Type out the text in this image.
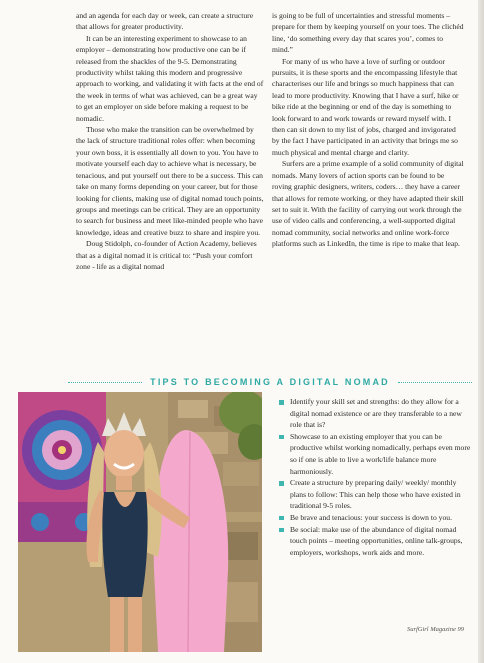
and an agenda for each day or week, can create a structure that allows for greater productivity.

It can be an interesting experiment to showcase to an employer – demonstrating how productive one can be if released from the shackles of the 9-5. Demonstrating productivity whilst taking this modern and progressive approach to working, and validating it with facts at the end of the week in terms of what was achieved, can be a great way to get an employer on side before making a request to be nomadic.

Those who make the transition can be overwhelmed by the lack of structure traditional roles offer: when becoming your own boss, it is essentially all down to you. You have to motivate yourself each day to achieve what is necessary, be tenacious, and put yourself out there to be a success. This can take on many forms depending on your career, but for those looking for clients, making use of digital nomad touch points, groups and meetings can be critical. They are an opportunity to search for business and meet like-minded people who have knowledge, ideas and creative buzz to share and inspire you.

Doug Stidolph, co-founder of Action Academy, believes that as a digital nomad it is critical to: “Push your comfort zone - life as a digital nomad

is going to be full of uncertainties and stressful moments – prepare for them by keeping yourself on your toes. The clichéd line, ‘do something every day that scares you’, comes to mind.”

For many of us who have a love of surfing or outdoor pursuits, it is these sports and the encompassing lifestyle that characterises our life and brings so much happiness that can lead to more productivity. Knowing that I have a surf, hike or bike ride at the beginning or end of the day is something to look forward to and work towards or reward myself with. I then can sit down to my list of jobs, charged and invigorated by the fact I have participated in an activity that brings me so much physical and mental charge and clarity.

Surfers are a prime example of a solid community of digital nomads. Many lovers of action sports can be found to be roving graphic designers, writers, coders… they have a career that allows for remote working, or they have adapted their skill set to suit it. With the facility of carrying out work through the use of video calls and conferencing, a well-supported digital nomad community, social networks and online work-force platforms such as LinkedIn, the time is ripe to make that leap.

TIPS TO BECOMING A DIGITAL NOMAD
Identify your skill set and strengths: do they allow for a digital nomad existence or are they transferable to a new role that is?
Showcase to an existing employer that you can be productive whilst working nomadically, perhaps even more so if one is able to live a work/life balance more harmoniously.
Create a structure by preparing daily/ weekly/ monthly plans to follow: This can help those who have existed in traditional 9-5 roles.
Be brave and tenacious: your success is down to you.
Be social: make use of the abundance of digital nomad touch points – meeting opportunities, online talk-groups, employers, workshops, work aids and more.
SurfGirl Magazine 99
